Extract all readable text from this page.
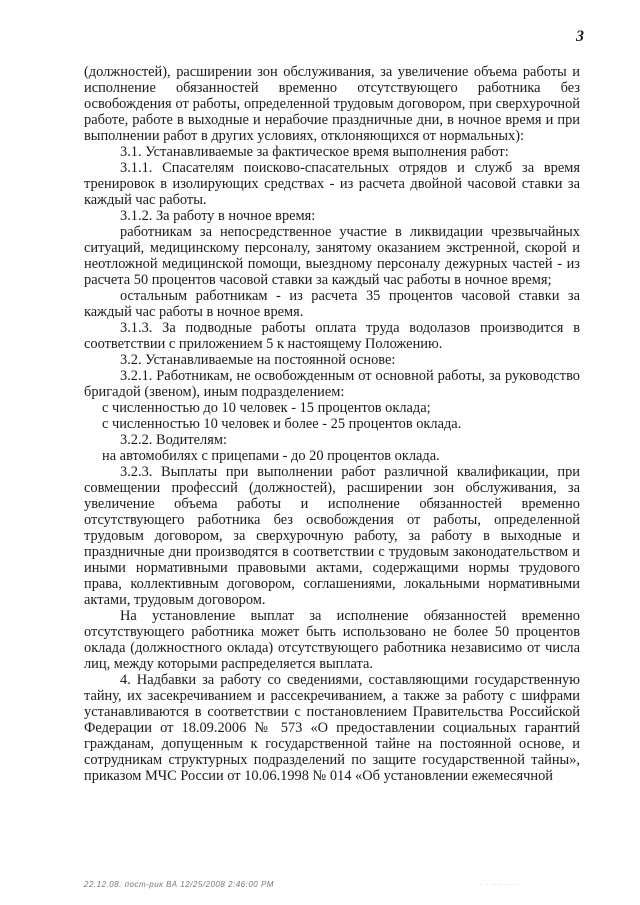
3

(должностей), расширении зон обслуживания, за увеличение объема работы и исполнение обязанностей временно отсутствующего работника без освобождения от работы, определенной трудовым договором, при сверхурочной работе, работе в выходные и нерабочие праздничные дни, в ночное время и при выполнении работ в других условиях, отклоняющихся от нормальных):

3.1. Устанавливаемые за фактическое время выполнения работ:

3.1.1. Спасателям поисково-спасательных отрядов и служб за время тренировок в изолирующих средствах - из расчета двойной часовой ставки за каждый час работы.

3.1.2. За работу в ночное время:

работникам за непосредственное участие в ликвидации чрезвычайных ситуаций, медицинскому персоналу, занятому оказанием экстренной, скорой и неотложной медицинской помощи, выездному персоналу дежурных частей - из расчета 50 процентов часовой ставки за каждый час работы в ночное время;

остальным работникам - из расчета 35 процентов часовой ставки за каждый час работы в ночное время.

3.1.3. За подводные работы оплата труда водолазов производится в соответствии с приложением 5 к настоящему Положению.

3.2. Устанавливаемые на постоянной основе:

3.2.1. Работникам, не освобожденным от основной работы, за руководство бригадой (звеном), иным подразделением:

с численностью до 10 человек - 15 процентов оклада;

с численностью 10 человек и более - 25 процентов оклада.

3.2.2. Водителям:

на автомобилях с прицепами - до 20 процентов оклада.

3.2.3. Выплаты при выполнении работ различной квалификации, при совмещении профессий (должностей), расширении зон обслуживания, за увеличение объема работы и исполнение обязанностей временно отсутствующего работника без освобождения от работы, определенной трудовым договором, за сверхурочную работу, за работу в выходные и праздничные дни производятся в соответствии с трудовым законодательством и иными нормативными правовыми актами, содержащими нормы трудового права, коллективным договором, соглашениями, локальными нормативными актами, трудовым договором.

На установление выплат за исполнение обязанностей временно отсутствующего работника может быть использовано не более 50 процентов оклада (должностного оклада) отсутствующего работника независимо от числа лиц, между которыми распределяется выплата.

4. Надбавки за работу со сведениями, составляющими государственную тайну, их засекречиванием и рассекречиванием, а также за работу с шифрами устанавливаются в соответствии с постановлением Правительства Российской Федерации от 18.09.2006 № 573 «О предоставлении социальных гарантий гражданам, допущенным к государственной тайне на постоянной основе, и сотрудникам структурных подразделений по защите государственной тайны», приказом МЧС России от 10.06.1998 № 014 «Об установлении ежемесячной

22.12.08. пост-рик ВА 12/25/2008 2:46:00 РМ	· · ·········
